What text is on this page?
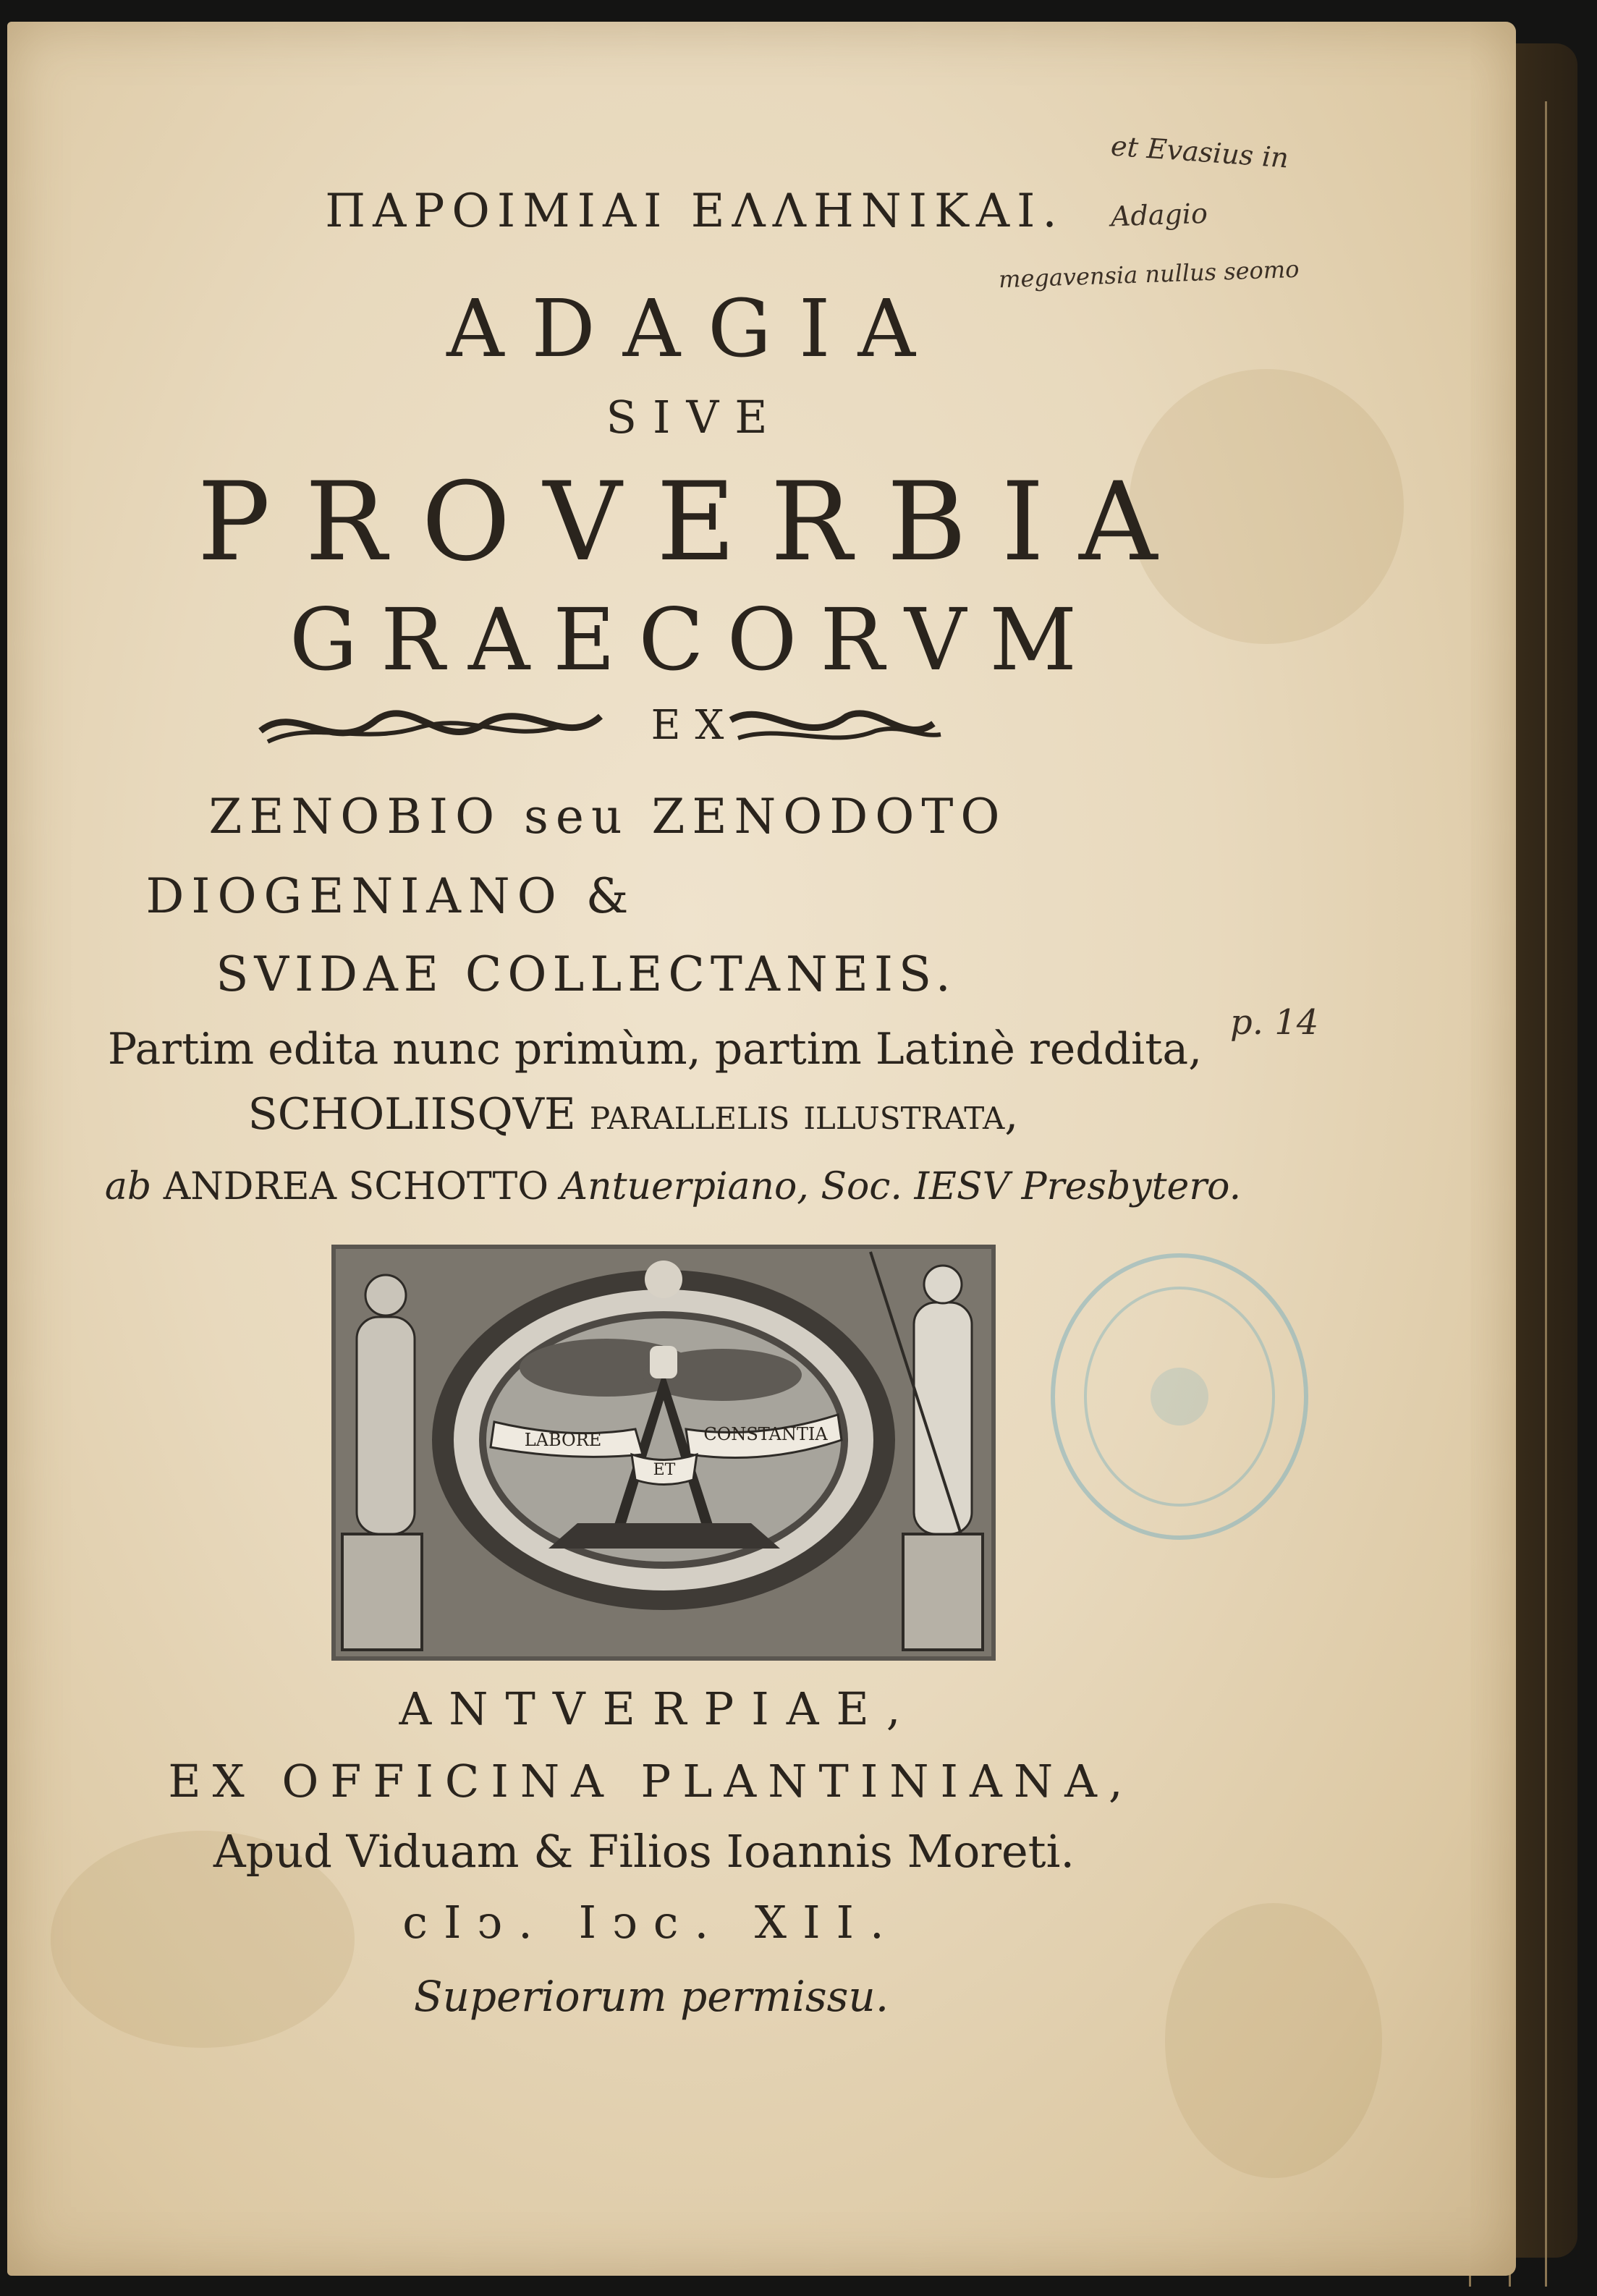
ΠΑΡΟΙΜΙΑΙ ΕΛΛΗΝΙΚΑΙ.
ADAGIA
SIVE
PROVERBIA
GRAECORVM
EX
ZENOBIO seu ZENODOTO
DIOGENIANO &
SVIDAE COLLECTANEIS.
Partim edita nunc primùm, partim Latinè reddita,
SCHOLIISQVE parallelis illustrata,
ab ANDREA SCHOTTO Antuerpiano, Soc. IESV Presbytero.
LABORE	CONSTANTIA
ET
ANTVERPIAE,
EX OFFICINA PLANTINIANA,
Apud Viduam & Filios Ioannis Moreti.
cIↄ. Iↄc. XII.
Superiorum permissu.
et Evasius in
Adagio
megavensia nullus seomo
p. 14
